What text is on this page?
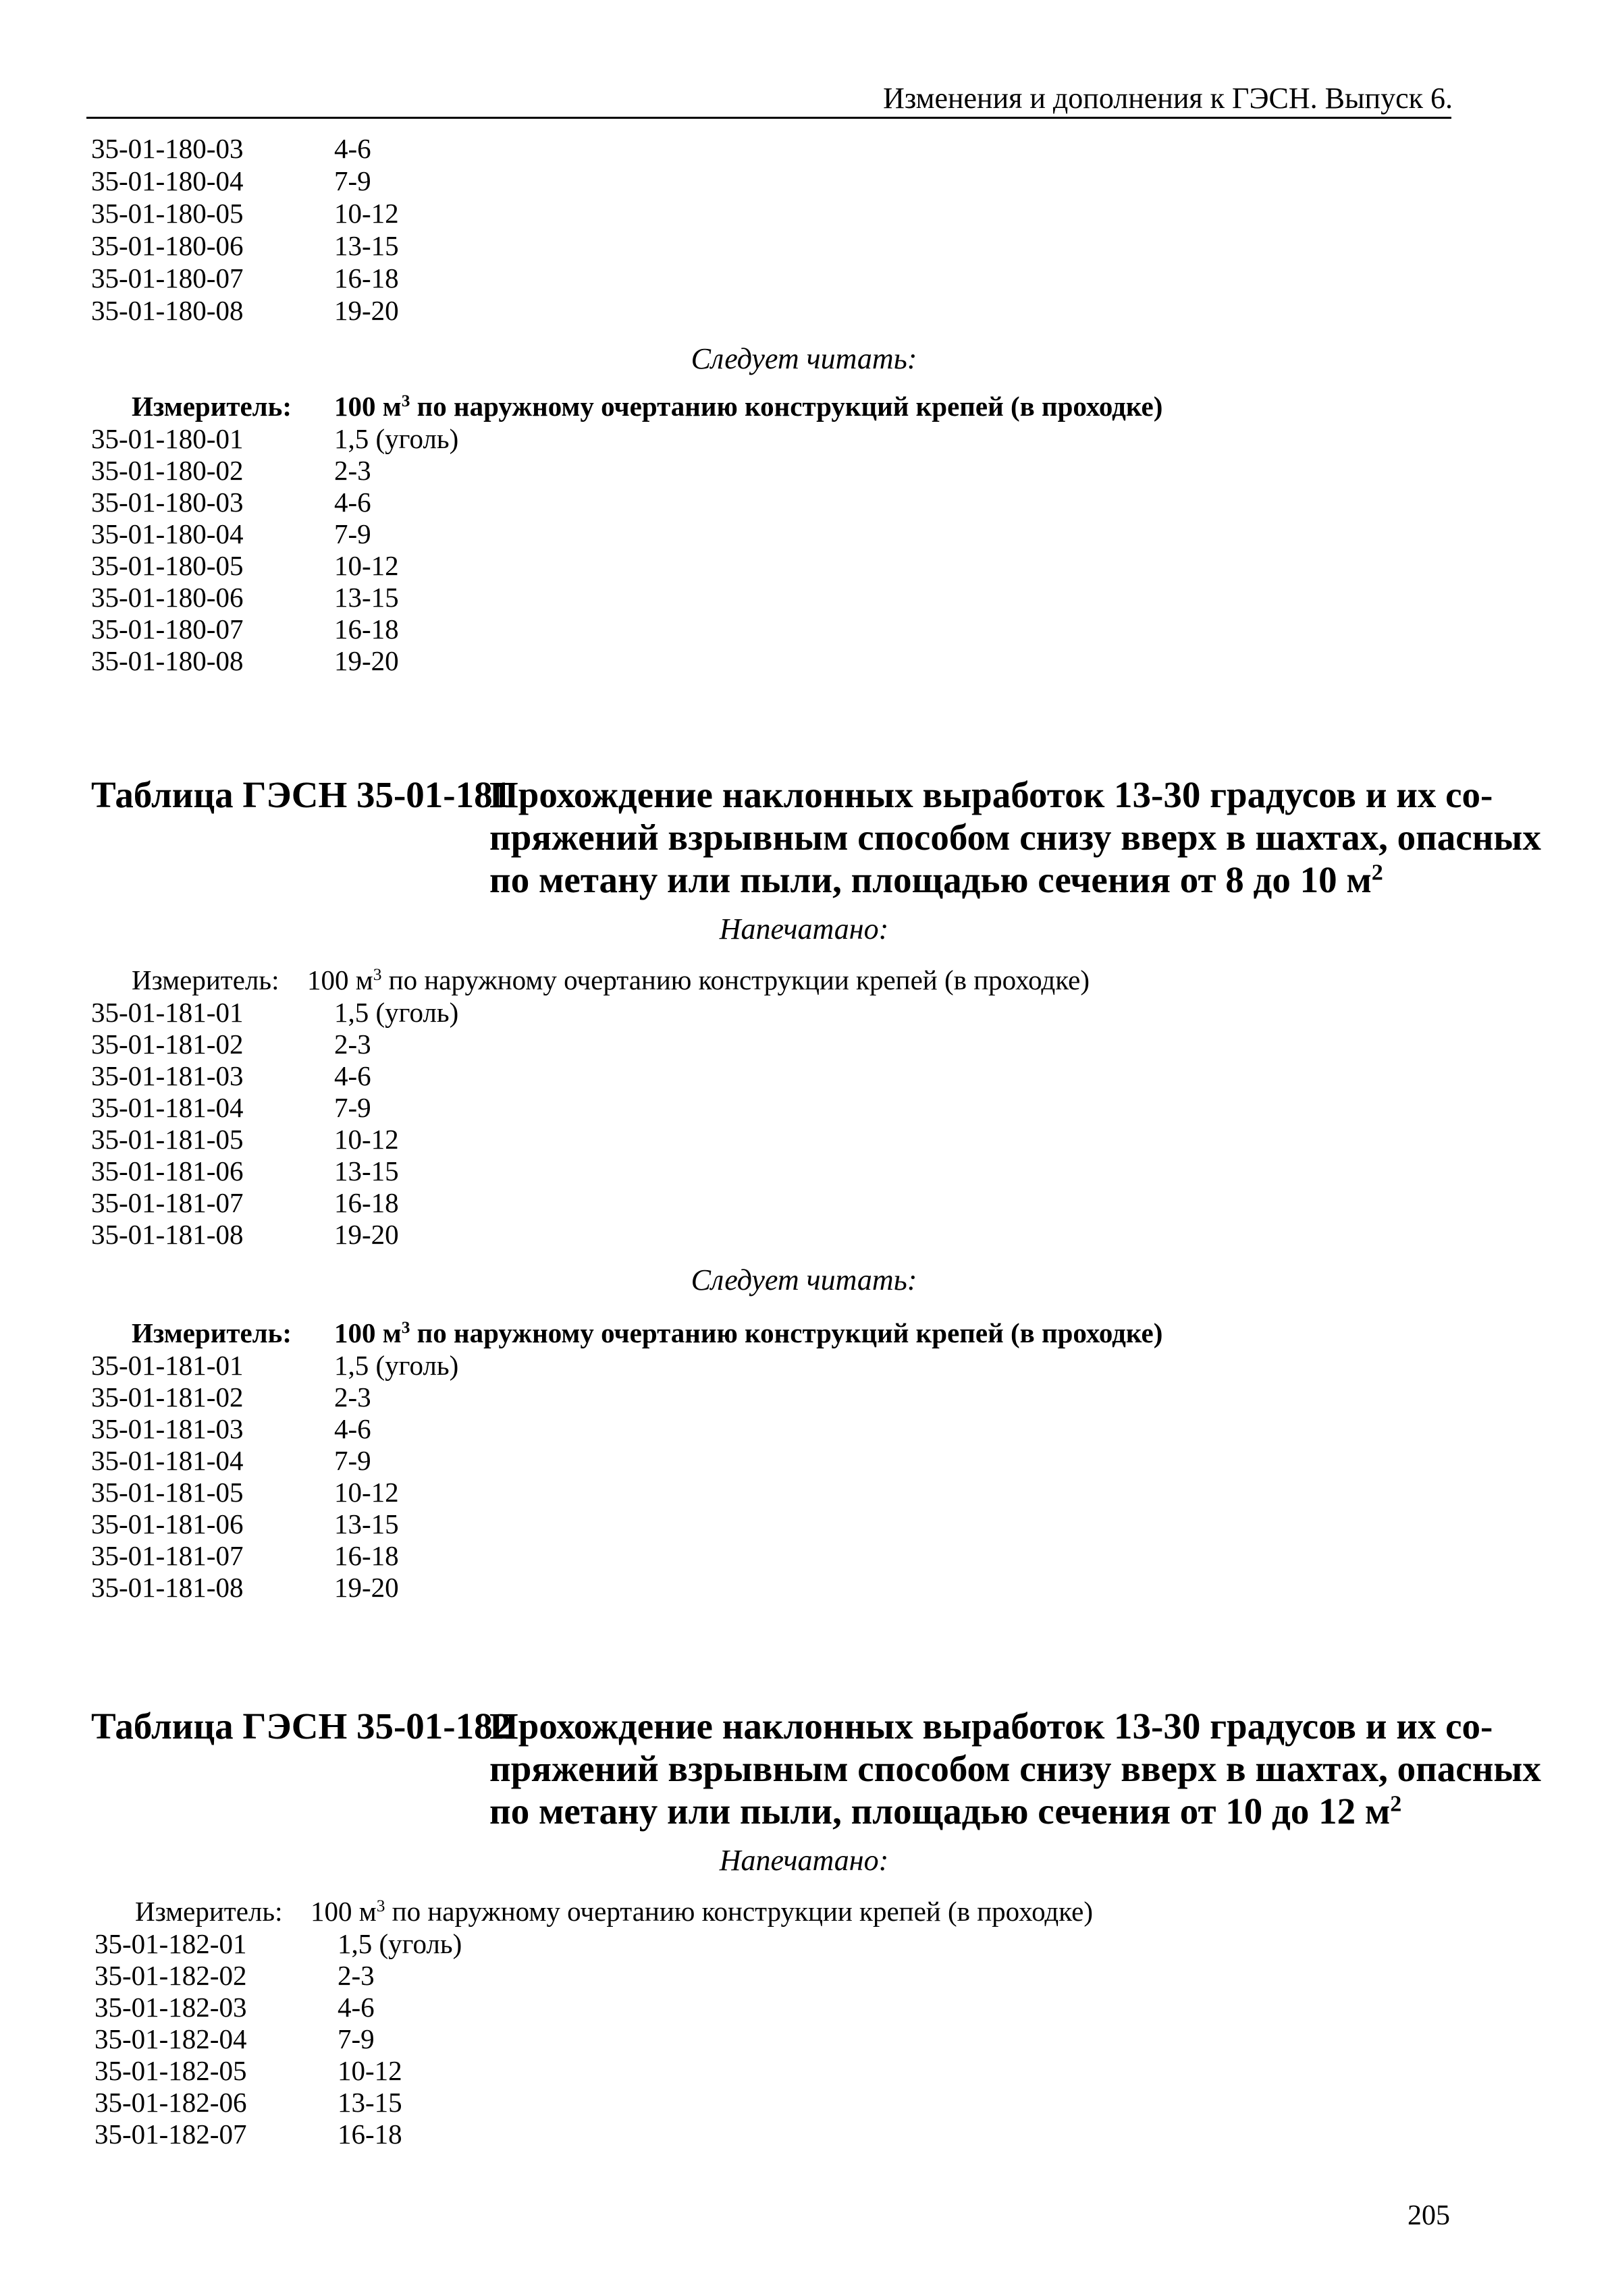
Изменения и дополнения к ГЭСН. Выпуск 6.
35-01-180-03	4-6
35-01-180-04	7-9
35-01-180-05	10-12
35-01-180-06	13-15
35-01-180-07	16-18
35-01-180-08	19-20
Следует читать:
Измеритель: 100 $м^3$ по наружному очертанию конструкций крепей (в проходке)
35-01-180-01	1,5 (уголь)
35-01-180-02	2-3
35-01-180-03	4-6
35-01-180-04	7-9
35-01-180-05	10-12
35-01-180-06	13-15
35-01-180-07	16-18
35-01-180-08	19-20
Таблица ГЭСН 35-01-181
Прохождение наклонных выработок 13-30 градусов и их со-
пряжений взрывным способом снизу вверх в шахтах, опасных
по метану или пыли, площадью сечения от 8 до 10 $м^2$
Напечатано:
Измеритель: 100 $м^3$ по наружному очертанию конструкции крепей (в проходке)
35-01-181-01	1,5 (уголь)
35-01-181-02	2-3
35-01-181-03	4-6
35-01-181-04	7-9
35-01-181-05	10-12
35-01-181-06	13-15
35-01-181-07	16-18
35-01-181-08	19-20
Следует читать:
Измеритель: 100 $м^3$ по наружному очертанию конструкций крепей (в проходке)
35-01-181-01	1,5 (уголь)
35-01-181-02	2-3
35-01-181-03	4-6
35-01-181-04	7-9
35-01-181-05	10-12
35-01-181-06	13-15
35-01-181-07	16-18
35-01-181-08	19-20
Таблица ГЭСН 35-01-182
Прохождение наклонных выработок 13-30 градусов и их со-
пряжений взрывным способом снизу вверх в шахтах, опасных
по метану или пыли, площадью сечения от 10 до 12 $м^2$
Напечатано:
Измеритель: 100 $м^3$ по наружному очертанию конструкции крепей (в проходке)
35-01-182-01	1,5 (уголь)
35-01-182-02	2-3
35-01-182-03	4-6
35-01-182-04	7-9
35-01-182-05	10-12
35-01-182-06	13-15
35-01-182-07	16-18
205
